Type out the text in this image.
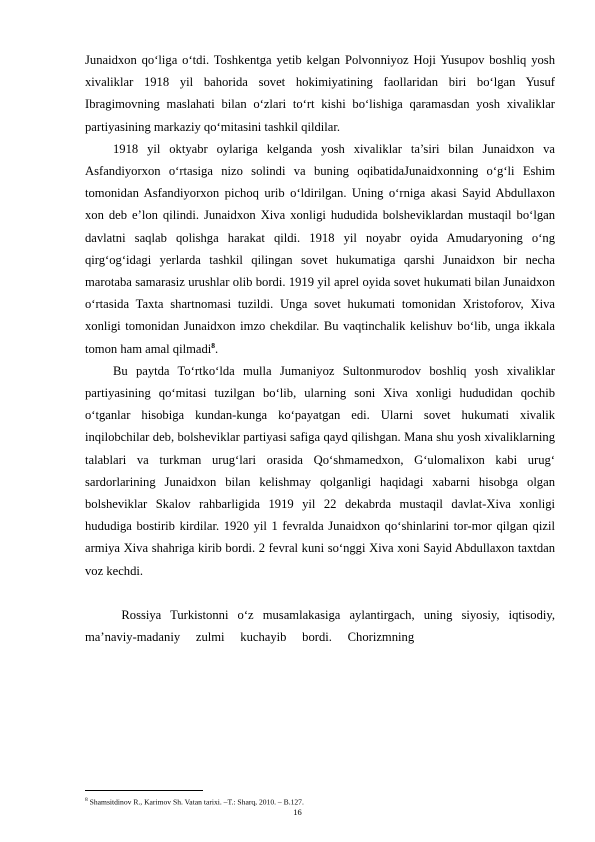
Junaidxon qo‘liga o‘tdi. Toshkentga yetib kelgan Polvonniyoz Hoji Yusupov boshliq yosh xivaliklar 1918 yil bahorida sovet hokimiyatining faollaridan biri bo‘lgan Yusuf Ibragimovning maslahati bilan o‘zlari to‘rt kishi bo‘lishiga qaramasdan yosh xivaliklar partiyasining markaziy qo‘mitasini tashkil qildilar.

1918 yil oktyabr oylariga kelganda yosh xivaliklar ta’siri bilan Junaidxon va Asfandiyorxon o‘rtasiga nizo solindi va buning oqibatidaJunaidxonning o‘g‘li Eshim tomonidan Asfandiyorxon pichoq urib o‘ldirilgan. Uning o‘rniga akasi Sayid Abdullaxon xon deb e’lon qilindi. Junaidxon Xiva xonligi hududida bolsheviklardan mustaqil bo‘lgan davlatni saqlab qolishga harakat qildi. 1918 yil noyabr oyida Amudaryoning o‘ng qirg‘og‘idagi yerlarda tashkil qilingan sovet hukumatiga qarshi Junaidxon bir necha marotaba samarasiz urushlar olib bordi. 1919 yil aprel oyida sovet hukumati bilan Junaidxon o‘rtasida Taxta shartnomasi tuzildi. Unga sovet hukumati tomonidan Xristoforov, Xiva xonligi tomonidan Junaidxon imzo chekdilar. Bu vaqtinchalik kelishuv bo‘lib, unga ikkala tomon ham amal qilmadi$^8$.

Bu paytda To‘rtko‘lda mulla Jumaniyoz Sultonmurodov boshliq yosh xivaliklar partiyasining qo‘mitasi tuzilgan bo‘lib, ularning soni Xiva xonligi hududidan qochib o‘tganlar hisobiga kundan-kunga ko‘payatgan edi. Ularni sovet hukumati xivalik inqilobchilar deb, bolsheviklar partiyasi safiga qayd qilishgan. Mana shu yosh xivaliklarning talablari va turkman urug‘lari orasida Qo‘shmamedxon, G‘ulomalixon kabi urug‘ sardorlarining Junaidxon bilan kelishmay qolganligi haqidagi xabarni hisobga olgan bolsheviklar Skalov rahbarligida 1919 yil 22 dekabrda mustaqil davlat-Xiva xonligi hududiga bostirib kirdilar. 1920 yil 1 fevralda Junaidxon qo‘shinlarini tor-mor qilgan qizil armiya Xiva shahriga kirib bordi. 2 fevral kuni so‘nggi Xiva xoni Sayid Abdullaxon taxtdan voz kechdi.

Rossiya Turkistonni o‘z musamlakasiga aylantirgach, uning siyosiy, iqtisodiy,      ma’naviy-madaniy     zulmi     kuchayib     bordi.     Chorizmning

$^8$ Shamsitdinov R., Karimov Sh. Vatan tarixi. –T.: Sharq, 2010. – B.127.
16
